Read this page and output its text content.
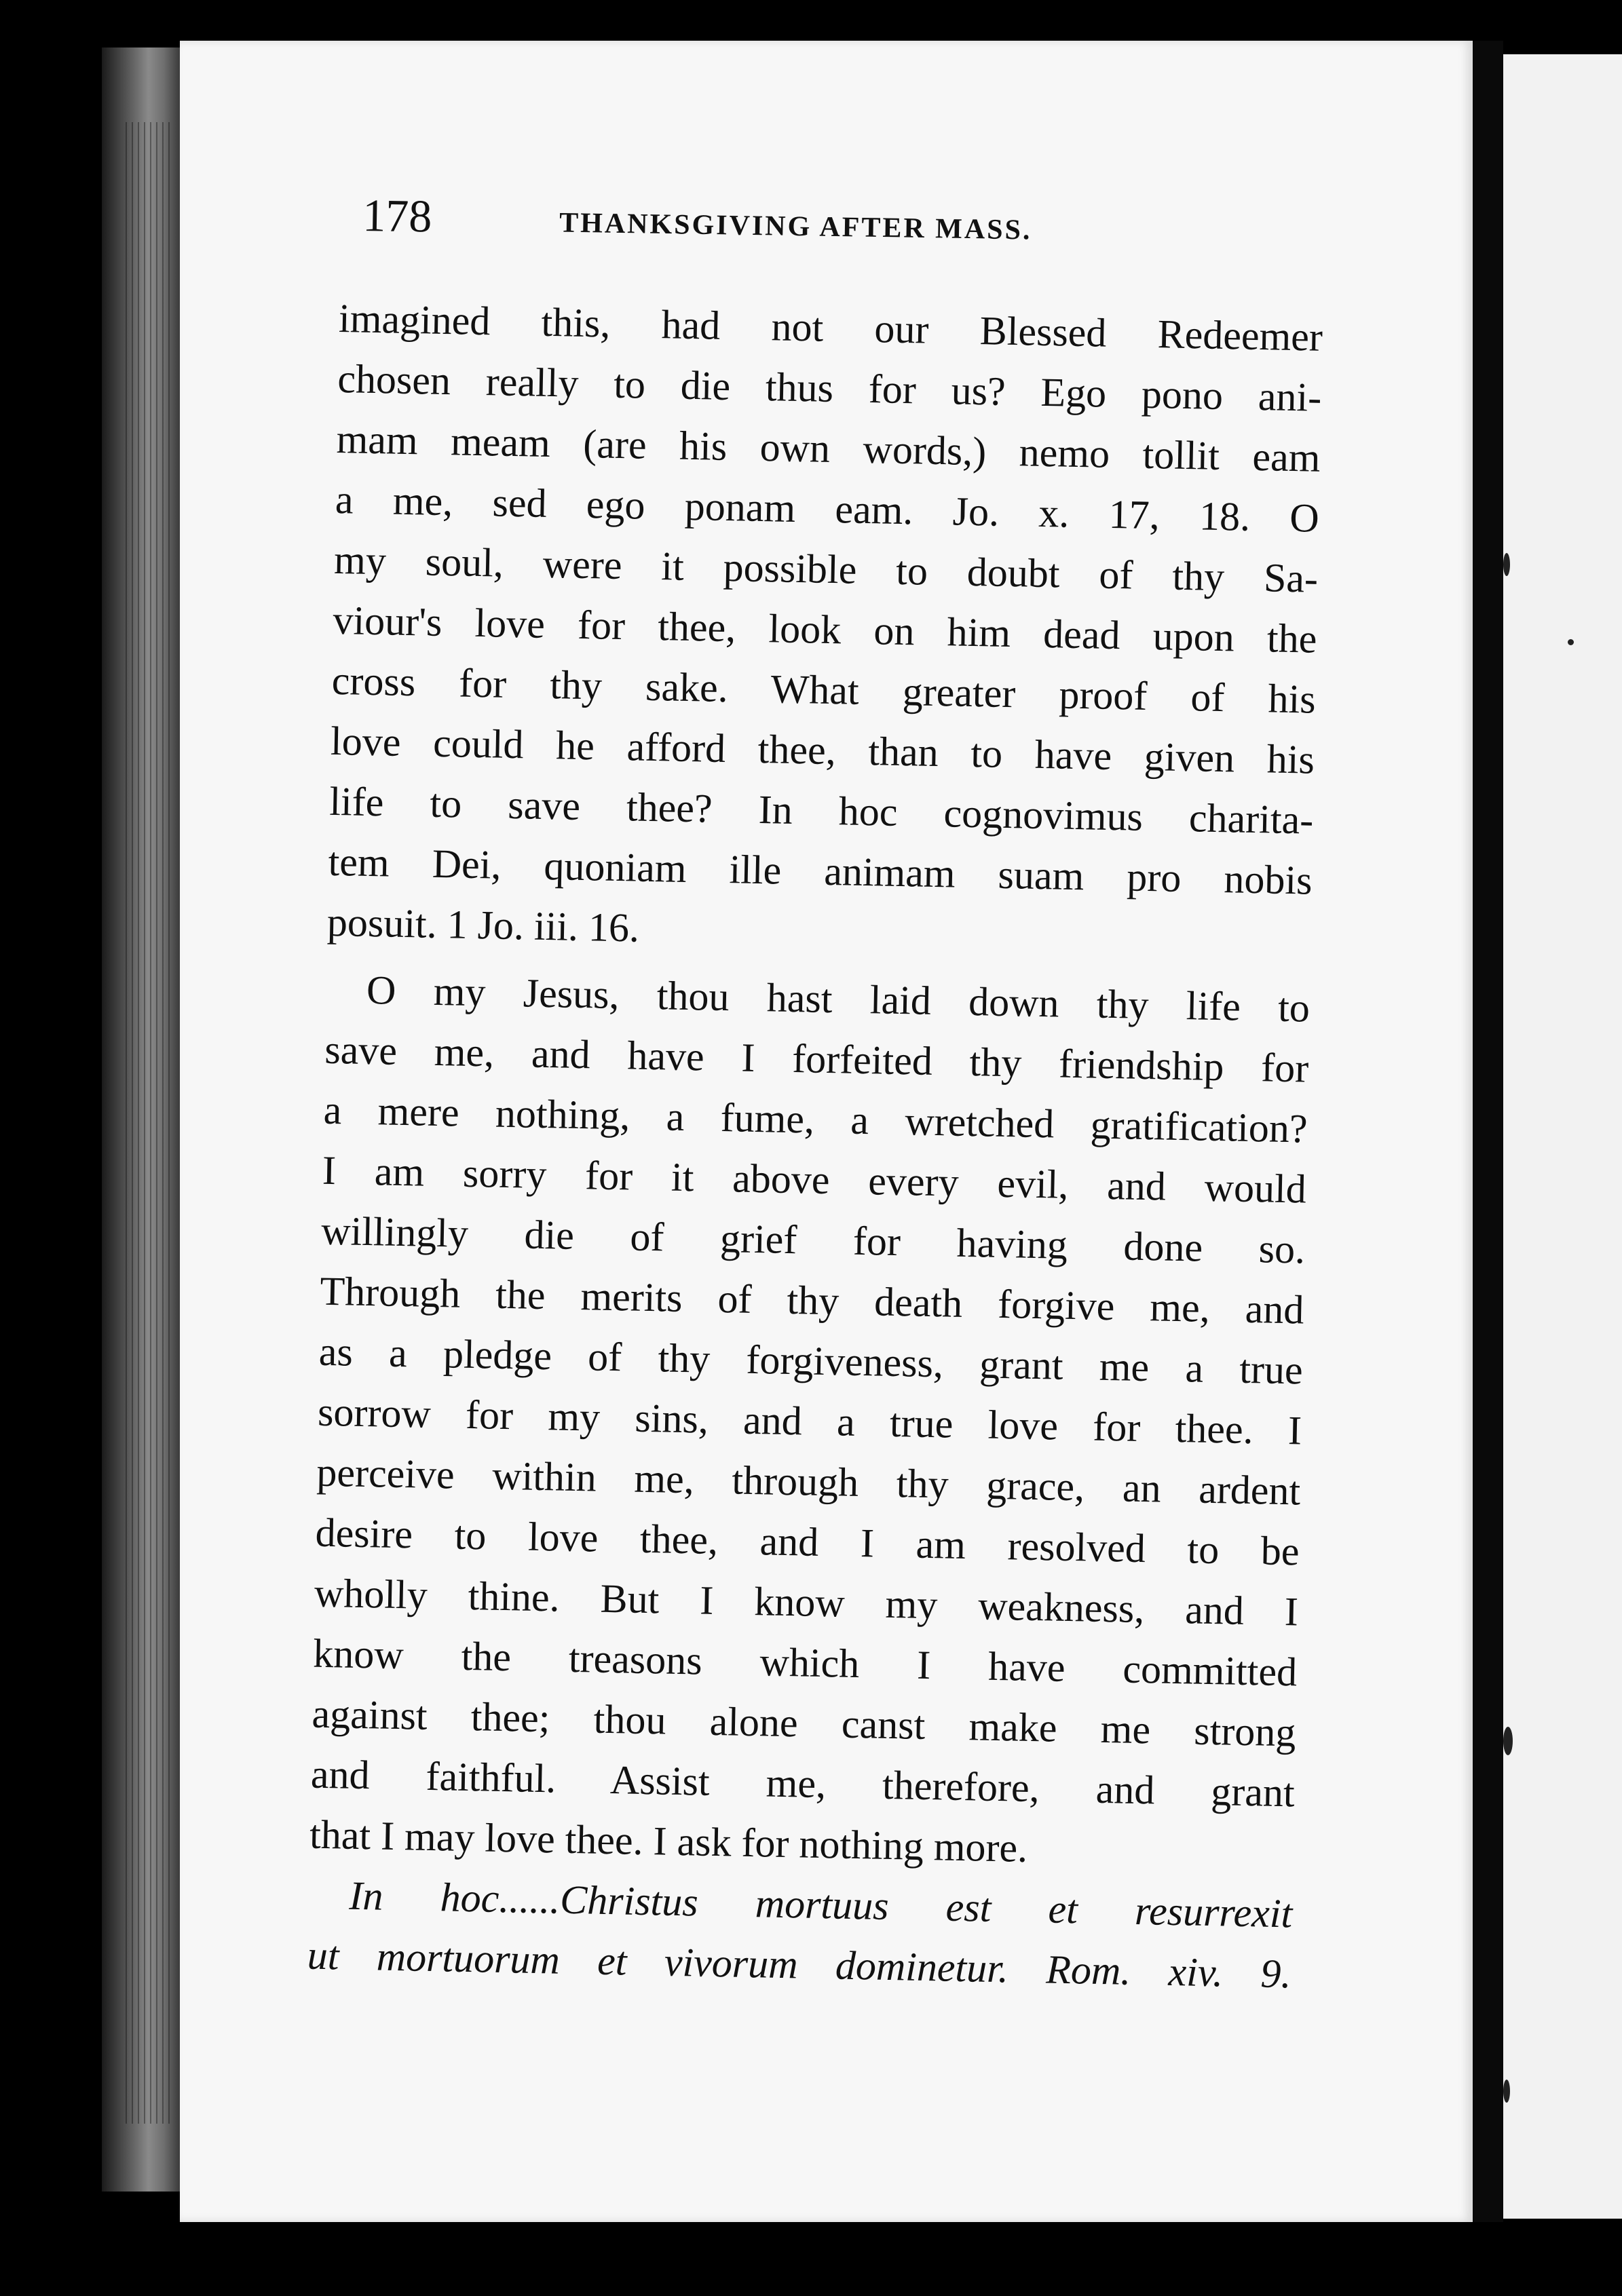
178	THANKSGIVING AFTER MASS.
imagined this, had not our Blessed Redeemer
chosen really to die thus for us? Ego pono ani-
mam meam (are his own words,) nemo tollit eam
a me, sed ego ponam eam. Jo. x. 17, 18. O
my soul, were it possible to doubt of thy Sa-
viour's love for thee, look on him dead upon the
cross for thy sake. What greater proof of his
love could he afford thee, than to have given his
life to save thee? In hoc cognovimus charita-
tem Dei, quoniam ille animam suam pro nobis
posuit. 1 Jo. iii. 16.
O my Jesus, thou hast laid down thy life to
save me, and have I forfeited thy friendship for
a mere nothing, a fume, a wretched gratification?
I am sorry for it above every evil, and would
willingly die of grief for having done so.
Through the merits of thy death forgive me, and
as a pledge of thy forgiveness, grant me a true
sorrow for my sins, and a true love for thee. I
perceive within me, through thy grace, an ardent
desire to love thee, and I am resolved to be
wholly thine. But I know my weakness, and I
know the treasons which I have committed
against thee; thou alone canst make me strong
and faithful. Assist me, therefore, and grant
that I may love thee. I ask for nothing more.
In hoc......Christus mortuus est et resurrexit
ut mortuorum et vivorum dominetur. Rom. xiv. 9.
